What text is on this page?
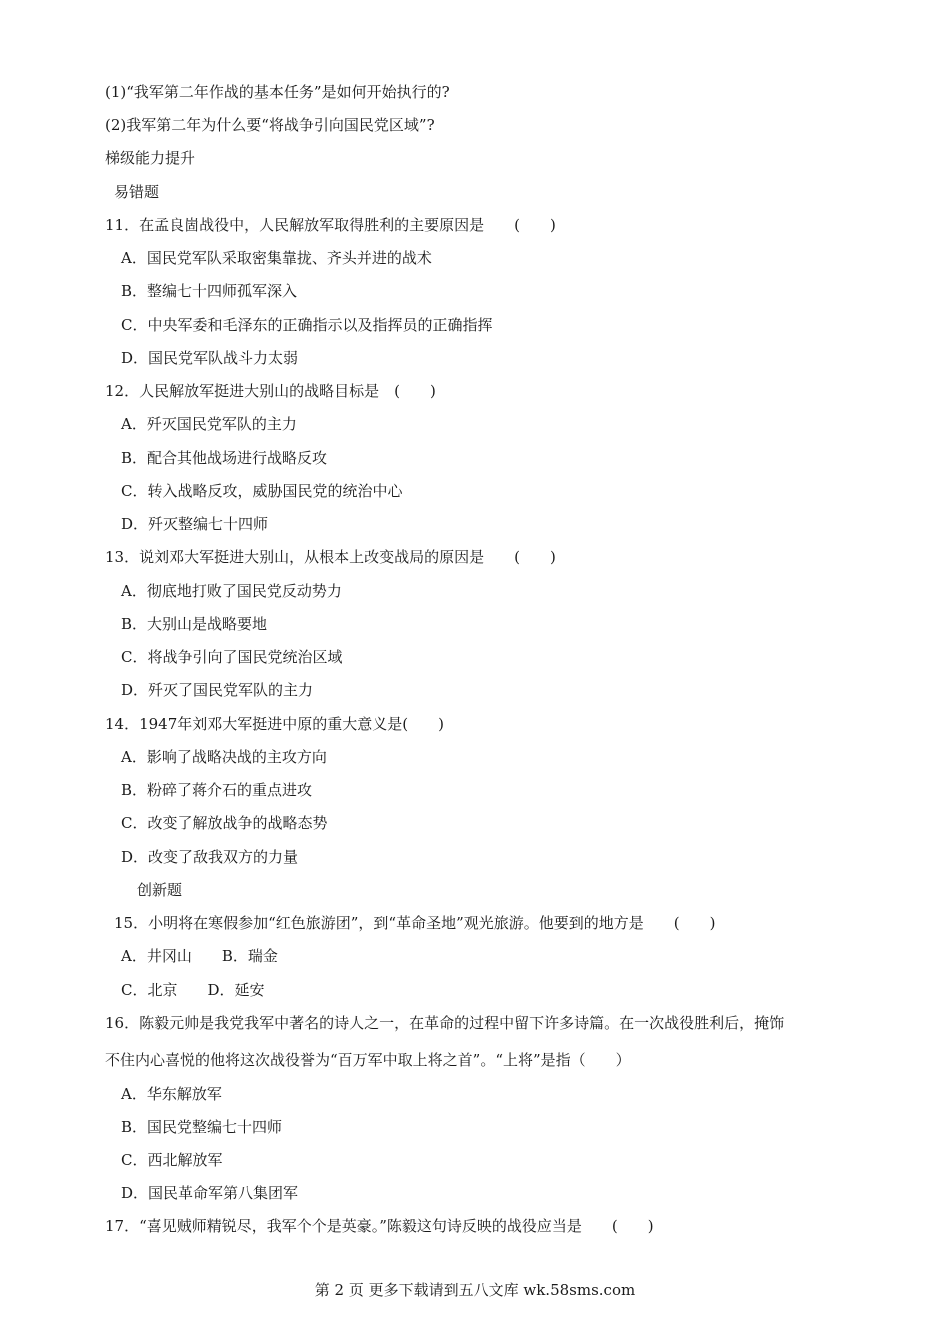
(1)“我军第二年作战的基本任务”是如何开始执行的?
(2)我军第二年为什么要“将战争引向国民党区域”?
梯级能力提升
易错题
11．在孟良崮战役中，人民解放军取得胜利的主要原因是　　(　　)
A．国民党军队采取密集靠拢、齐头并进的战术
B．整编七十四师孤军深入
C．中央军委和毛泽东的正确指示以及指挥员的正确指挥
D．国民党军队战斗力太弱
12．人民解放军挺进大别山的战略目标是　(　　)
A．歼灭国民党军队的主力
B．配合其他战场进行战略反攻
C．转入战略反攻，威胁国民党的统治中心
D．歼灭整编七十四师
13．说刘邓大军挺进大别山，从根本上改变战局的原因是　　(　　)
A．彻底地打败了国民党反动势力
B．大别山是战略要地
C．将战争引向了国民党统治区域
D．歼灭了国民党军队的主力
14．1947年刘邓大军挺进中原的重大意义是(　　)
A．影响了战略决战的主攻方向
B．粉碎了蒋介石的重点进攻
C．改变了解放战争的战略态势
D．改变了敌我双方的力量
创新题
15．小明将在寒假参加“红色旅游团”，到“革命圣地”观光旅游。他要到的地方是　　(　　)
A．井冈山　　B．瑞金
C．北京　　D．延安
16．陈毅元帅是我党我军中著名的诗人之一，在革命的过程中留下许多诗篇。在一次战役胜利后，掩饰
不住内心喜悦的他将这次战役誉为“百万军中取上将之首”。“上将”是指（　　）
A．华东解放军
B．国民党整编七十四师
C．西北解放军
D．国民革命军第八集团军
17．“喜见贼师精锐尽，我军个个是英豪。”陈毅这句诗反映的战役应当是　　(　　)
第 2 页 更多下载请到五八文库 wk.58sms.com
